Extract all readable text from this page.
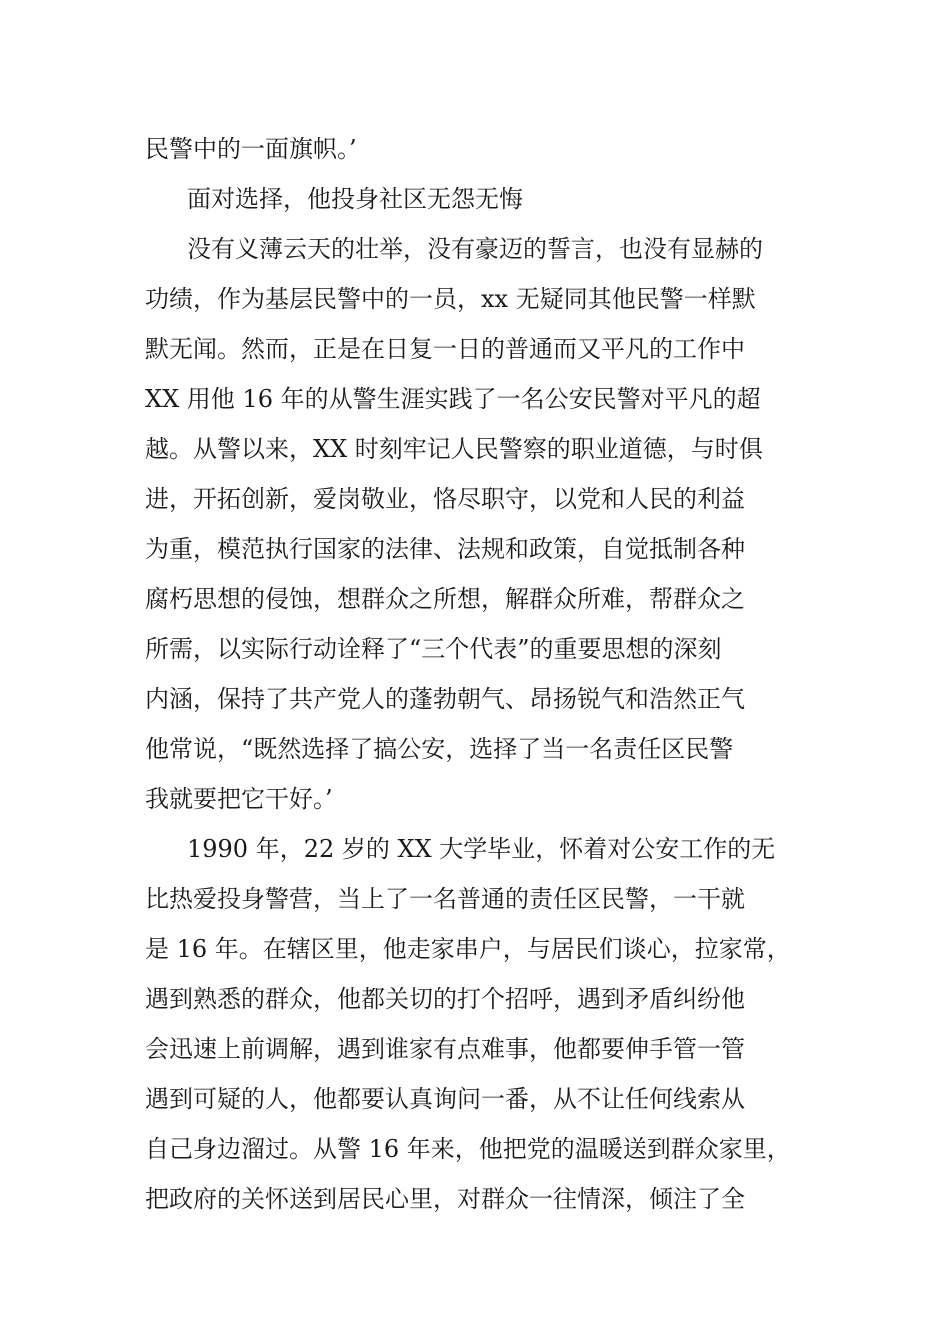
民警中的一面旗帜。’
面对选择，他投身社区无怨无悔
没有义薄云天的壮举，没有豪迈的誓言，也没有显赫的
功绩，作为基层民警中的一员，xx 无疑同其他民警一样默
默无闻。然而，正是在日复一日的普通而又平凡的工作中
XX 用他 16 年的从警生涯实践了一名公安民警对平凡的超
越。从警以来，XX 时刻牢记人民警察的职业道德，与时俱
进，开拓创新，爱岗敬业，恪尽职守，以党和人民的利益
为重，模范执行国家的法律、法规和政策，自觉抵制各种
腐朽思想的侵蚀，想群众之所想，解群众所难，帮群众之
所需，以实际行动诠释了“三个代表”的重要思想的深刻
内涵，保持了共产党人的蓬勃朝气、昂扬锐气和浩然正气
他常说，“既然选择了搞公安，选择了当一名责任区民警
我就要把它干好。’
1990 年，22 岁的 XX 大学毕业，怀着对公安工作的无
比热爱投身警营，当上了一名普通的责任区民警，一干就
是 16 年。在辖区里，他走家串户，与居民们谈心，拉家常，
遇到熟悉的群众，他都关切的打个招呼，遇到矛盾纠纷他
会迅速上前调解，遇到谁家有点难事，他都要伸手管一管
遇到可疑的人，他都要认真询问一番，从不让任何线索从
自己身边溜过。从警 16 年来，他把党的温暖送到群众家里，
把政府的关怀送到居民心里，对群众一往情深，倾注了全
